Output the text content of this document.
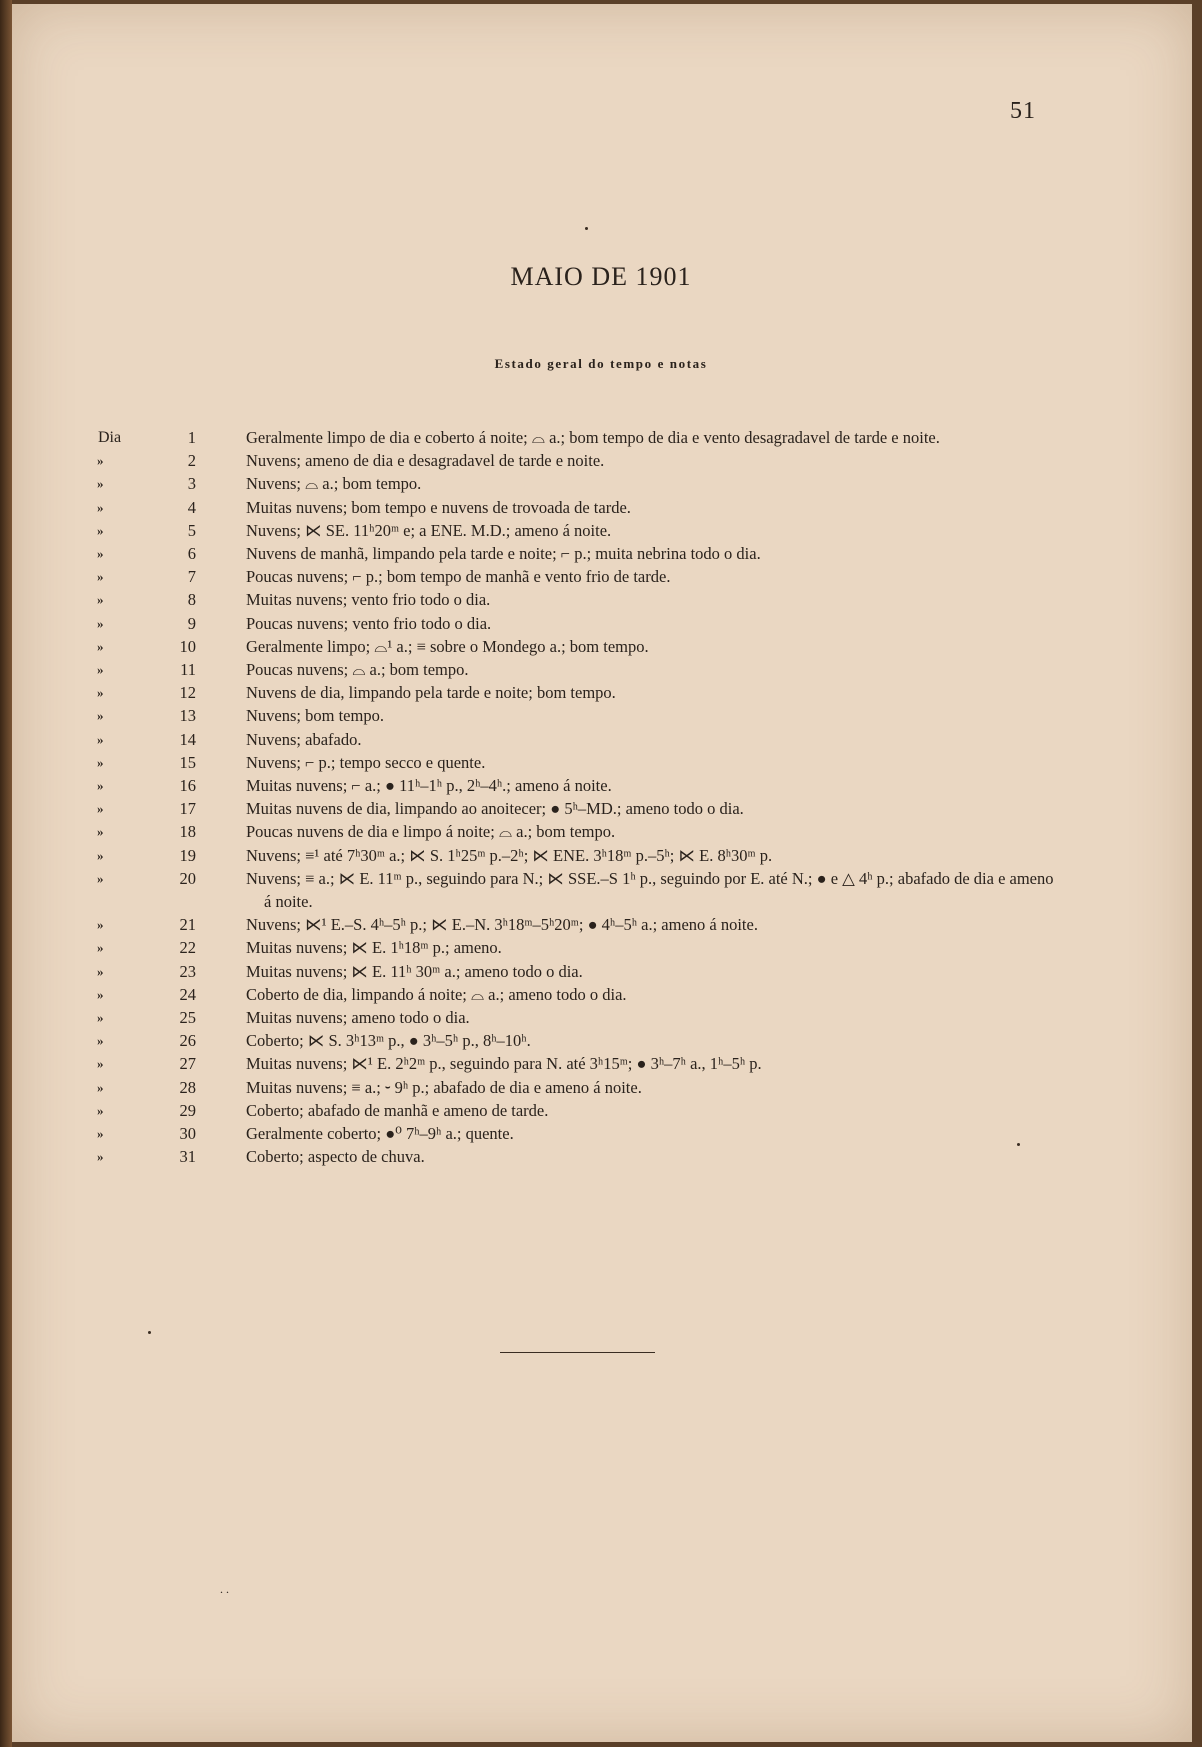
51
MAIO DE 1901
Estado geral do tempo e notas
Dia	1	Geralmente limpo de dia e coberto á noite; ⌓ a.; bom tempo de dia e vento desagradavel de tarde e noite.
»	2	Nuvens; ameno de dia e desagradavel de tarde e noite.
»	3	Nuvens; ⌓ a.; bom tempo.
»	4	Muitas nuvens; bom tempo e nuvens de trovoada de tarde.
»	5	Nuvens; ⋉ SE. 11ʰ20ᵐ e; a ENE. M.D.; ameno á noite.
»	6	Nuvens de manhã, limpando pela tarde e noite; ⌐ p.; muita nebrina todo o dia.
»	7	Poucas nuvens; ⌐ p.; bom tempo de manhã e vento frio de tarde.
»	8	Muitas nuvens; vento frio todo o dia.
»	9	Poucas nuvens; vento frio todo o dia.
»	10	Geralmente limpo; ⌓¹ a.; ≡ sobre o Mondego a.; bom tempo.
»	11	Poucas nuvens; ⌓ a.; bom tempo.
»	12	Nuvens de dia, limpando pela tarde e noite; bom tempo.
»	13	Nuvens; bom tempo.
»	14	Nuvens; abafado.
»	15	Nuvens; ⌐ p.; tempo secco e quente.
»	16	Muitas nuvens; ⌐ a.; ● 11ʰ–1ʰ p., 2ʰ–4ʰ.; ameno á noite.
»	17	Muitas nuvens de dia, limpando ao anoitecer; ● 5ʰ–MD.; ameno todo o dia.
»	18	Poucas nuvens de dia e limpo á noite; ⌓ a.; bom tempo.
»	19	Nuvens; ≡¹ até 7ʰ30ᵐ a.; ⋉ S. 1ʰ25ᵐ p.–2ʰ; ⋉ ENE. 3ʰ18ᵐ p.–5ʰ; ⋉ E. 8ʰ30ᵐ p.
»	20	Nuvens; ≡ a.; ⋉ E. 11ᵐ p., seguindo para N.; ⋉ SSE.–S 1ʰ p., seguindo por E. até N.; ● e △ 4ʰ p.; abafado de dia e ameno á noite.
»	21	Nuvens; ⋉¹ E.–S. 4ʰ–5ʰ p.; ⋉ E.–N. 3ʰ18ᵐ–5ʰ20ᵐ; ● 4ʰ–5ʰ a.; ameno á noite.
»	22	Muitas nuvens; ⋉ E. 1ʰ18ᵐ p.; ameno.
»	23	Muitas nuvens; ⋉ E. 11ʰ 30ᵐ a.; ameno todo o dia.
»	24	Coberto de dia, limpando á noite; ⌓ a.; ameno todo o dia.
»	25	Muitas nuvens; ameno todo o dia.
»	26	Coberto; ⋉ S. 3ʰ13ᵐ p., ● 3ʰ–5ʰ p., 8ʰ–10ʰ.
»	27	Muitas nuvens; ⋉¹ E. 2ʰ2ᵐ p., seguindo para N. até 3ʰ15ᵐ; ● 3ʰ–7ʰ a., 1ʰ–5ʰ p.
»	28	Muitas nuvens; ≡ a.; ⏑ 9ʰ p.; abafado de dia e ameno á noite.
»	29	Coberto; abafado de manhã e ameno de tarde.
»	30	Geralmente coberto; ●⁰ 7ʰ–9ʰ a.; quente.
»	31	Coberto; aspecto de chuva.
..
